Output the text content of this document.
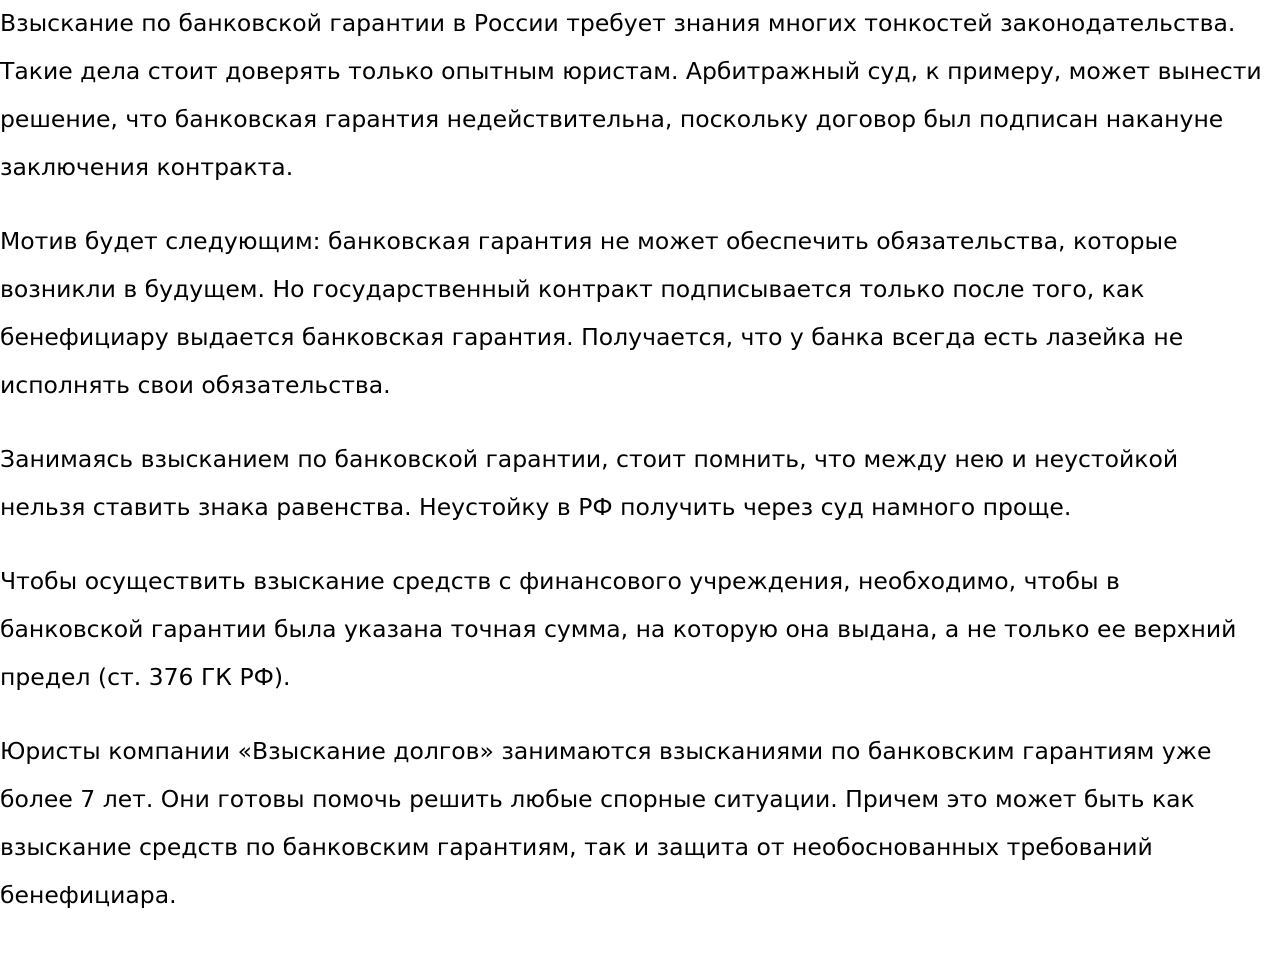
Взыскание по банковской гарантии в России требует знания многих тонкостей законодательства. Такие дела стоит доверять только опытным юристам. Арбитражный суд, к примеру, может вынести решение, что банковская гарантия недействительна, поскольку договор был подписан накануне заключения контракта.

Мотив будет следующим: банковская гарантия не может обеспечить обязательства, которые возникли в будущем. Но государственный контракт подписывается только после того, как бенефициару выдается банковская гарантия. Получается, что у банка всегда есть лазейка не исполнять свои обязательства.

Занимаясь взысканием по банковской гарантии, стоит помнить, что между нею и неустойкой нельзя ставить знака равенства. Неустойку в РФ получить через суд намного проще.

Чтобы осуществить взыскание средств с финансового учреждения, необходимо, чтобы в банковской гарантии была указана точная сумма, на которую она выдана, а не только ее верхний предел (ст. 376 ГК РФ).

Юристы компании «Взыскание долгов» занимаются взысканиями по банковским гарантиям уже более 7 лет. Они готовы помочь решить любые спорные ситуации. Причем это может быть как взыскание средств по банковским гарантиям, так и защита от необоснованных требований бенефициара.
